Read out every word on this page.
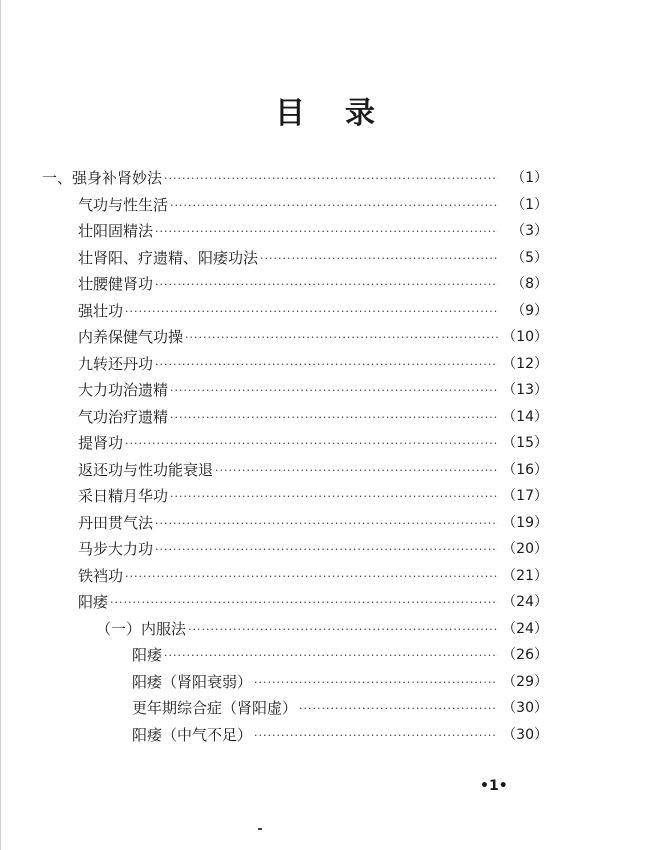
目录
一、强身补肾妙法 ·····	（1）
气功与性生活 ·····	（1）
壮阳固精法 ·····	（3）
壮肾阳、疗遗精、阳痿功法 ·····	（5）
壮腰健肾功 ·····	（8）
强壮功 ·····	（9）
内养保健气功操 ·····	（10）
九转还丹功 ·····	（12）
大力功治遗精 ·····	（13）
气功治疗遗精 ·····	（14）
提肾功 ·····	（15）
返还功与性功能衰退 ·····	（16）
采日精月华功 ·····	（17）
丹田贯气法 ·····	（19）
马步大力功 ·····	（20）
铁裆功 ·····	（21）
阳痿 ·····	（24）
（一）内服法 ·····	（24）
阳痿 ·····	（26）
阳痿（肾阳衰弱） ·····	（29）
更年期综合症（肾阳虚） ·····	（30）
阳痿（中气不足） ·····	（30）
•1•
